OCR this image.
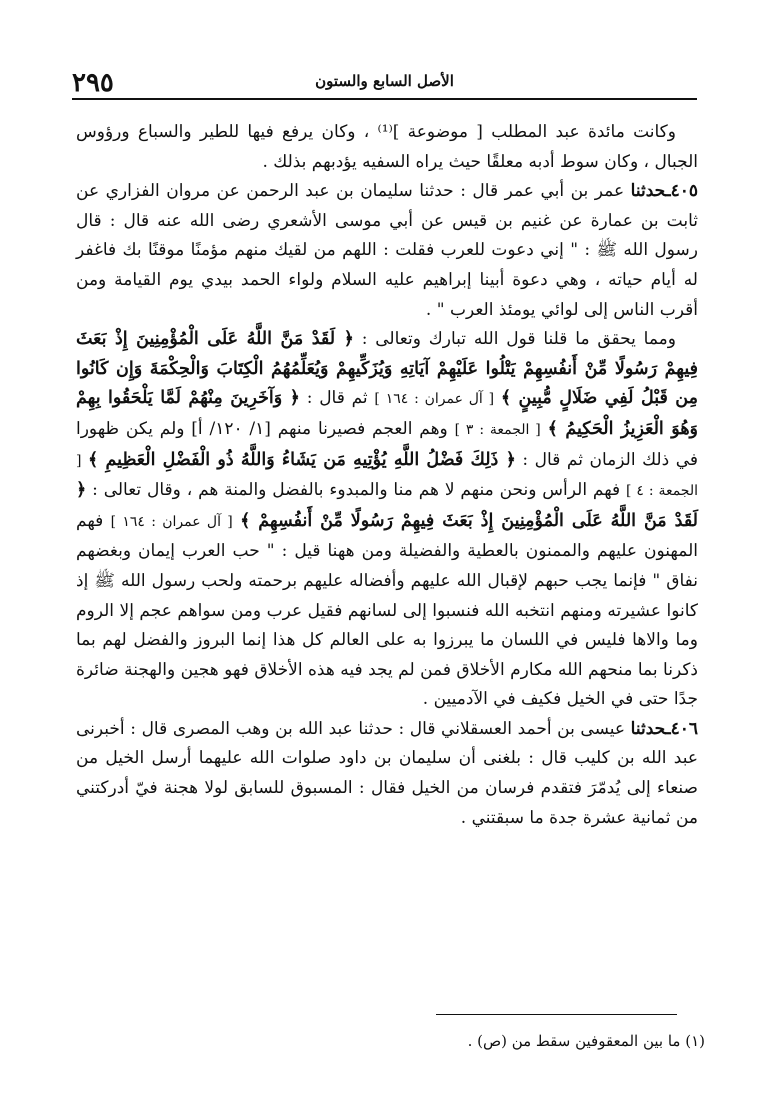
٢٩٥	الأصل السابع والستون

وكانت مائدة عبد المطلب [ موضوعة ]⁽¹⁾ ، وكان يرفع فيها للطير والسباع ورؤوس الجبال ، وكان سوط أدبه معلقًا حيث يراه السفيه يؤدبهم بذلك .

٤٠٥ـحدثنا عمر بن أبي عمر قال : حدثنا سليمان بن عبد الرحمن عن مروان الفزاري عن ثابت بن عمارة عن غنيم بن قيس عن أبي موسى الأشعري رضى الله عنه قال : قال رسول الله ﷺ : " إني دعوت للعرب فقلت : اللهم من لقيك منهم مؤمنًا موقنًا بك فاغفر له أيام حياته ، وهي دعوة أبينا إبراهيم عليه السلام ولواء الحمد بيدي يوم القيامة ومن أقرب الناس إلى لوائي يومئذ العرب " .

ومما يحقق ما قلنا قول الله تبارك وتعالى : ﴿ لَقَدْ مَنَّ اللَّهُ عَلَى الْمُؤْمِنِينَ إِذْ بَعَثَ فِيهِمْ رَسُولًا مِّنْ أَنفُسِهِمْ يَتْلُوا عَلَيْهِمْ آيَاتِهِ وَيُزَكِّيهِمْ وَيُعَلِّمُهُمُ الْكِتَابَ وَالْحِكْمَةَ وَإِن كَانُوا مِن قَبْلُ لَفِي ضَلَالٍ مُّبِينٍ ﴾ [ آل عمران : ١٦٤ ] ثم قال : ﴿ وَآخَرِينَ مِنْهُمْ لَمَّا يَلْحَقُوا بِهِمْ وَهُوَ الْعَزِيزُ الْحَكِيمُ ﴾ [ الجمعة : ٣ ] وهم العجم فصيرنا منهم [١/ ١٢٠/ أ] ولم يكن ظهورا في ذلك الزمان ثم قال : ﴿ ذَلِكَ فَضْلُ اللَّهِ يُؤْتِيهِ مَن يَشَاءُ وَاللَّهُ ذُو الْفَضْلِ الْعَظِيمِ ﴾ [ الجمعة : ٤ ] فهم الرأس ونحن منهم لا هم منا والمبدوء بالفضل والمنة هم ، وقال تعالى : ﴿ لَقَدْ مَنَّ اللَّهُ عَلَى الْمُؤْمِنِينَ إِذْ بَعَثَ فِيهِمْ رَسُولًا مِّنْ أَنفُسِهِمْ ﴾ [ آل عمران : ١٦٤ ] فهم المهنون عليهم والممنون بالعطية والفضيلة ومن ههنا قيل : " حب العرب إيمان وبغضهم نفاق " فإنما يجب حبهم لإقبال الله عليهم وأفضاله عليهم برحمته ولحب رسول الله ﷺ إذ كانوا عشيرته ومنهم انتخبه الله فنسبوا إلى لسانهم فقيل عرب ومن سواهم عجم إلا الروم وما والاها فليس في اللسان ما يبرزوا به على العالم كل هذا إنما البروز والفضل لهم بما ذكرنا بما منحهم الله مكارم الأخلاق فمن لم يجد فيه هذه الأخلاق فهو هجين والهجنة ضائرة جدًا حتى في الخيل فكيف في الآدميين .

٤٠٦ـحدثنا عيسى بن أحمد العسقلاني قال : حدثنا عبد الله بن وهب المصرى قال : أخبرنى عبد الله بن كليب قال : بلغنى أن سليمان بن داود صلوات الله عليهما أرسل الخيل من صنعاء إلى يُدمّرَ فتقدم فرسان من الخيل فقال : المسبوق للسابق لولا هجنة فيّ أدركتني من ثمانية عشرة جدة ما سبقتني .

(١) ما بين المعقوفين سقط من (ص) .
